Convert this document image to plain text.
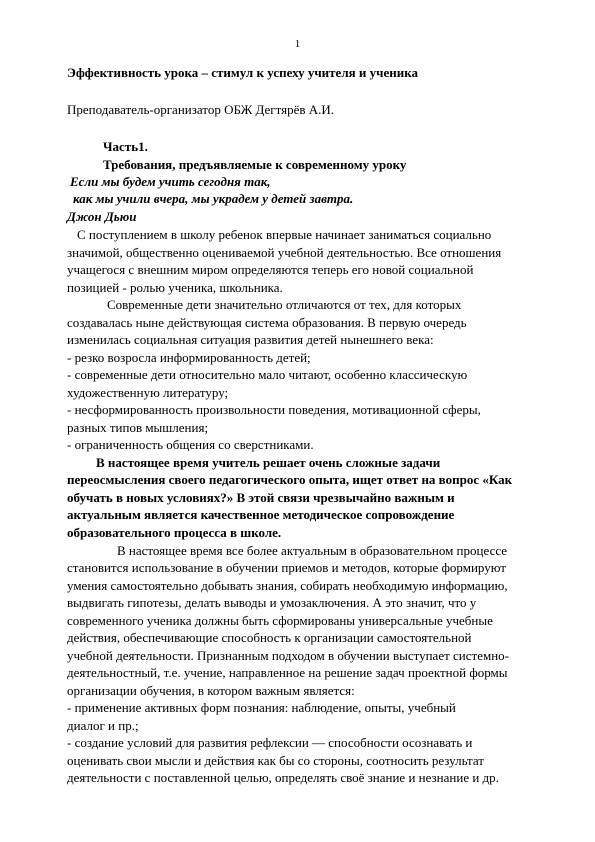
1
Эффективность урока – стимул к успеху учителя и ученика
Преподаватель-организатор ОБЖ Дегтярёв А.И.
Часть1.
Требования, предъявляемые к современному уроку
Если мы будем учить сегодня так,
как мы учили вчера, мы украдем у детей завтра.
Джон Дьюи
С поступлением в школу ребенок впервые начинает заниматься социально
значимой, общественно оцениваемой учебной деятельностью. Все отношения
учащегося с внешним миром определяются теперь его новой социальной
позицией - ролью ученика, школьника.
Современные дети значительно отличаются от тех, для которых
создавалась ныне действующая система образования. В первую очередь
изменилась социальная ситуация развития детей нынешнего века:
- резко возросла информированность детей;
- современные дети относительно мало читают, особенно классическую
художественную литературу;
- несформированность произвольности поведения, мотивационной сферы,
разных типов мышления;
- ограниченность общения со сверстниками.
В настоящее время учитель решает очень сложные задачи
переосмысления своего педагогического опыта, ищет ответ на вопрос «Как
обучать в новых условиях?» В этой связи чрезвычайно важным и
актуальным является качественное методическое сопровождение
образовательного процесса в школе.
В настоящее время все более актуальным в образовательном процессе
становится использование в обучении приемов и методов, которые формируют
умения самостоятельно добывать знания, собирать необходимую информацию,
выдвигать гипотезы, делать выводы и умозаключения. А это значит, что у
современного ученика должны быть сформированы универсальные учебные
действия, обеспечивающие способность к организации самостоятельной
учебной деятельности. Признанным подходом в обучении выступает системно-
деятельностный, т.е. учение, направленное на решение задач проектной формы
организации обучения, в котором важным является:
- применение активных форм познания: наблюдение, опыты, учебный
диалог и пр.;
- создание условий для развития рефлексии — способности осознавать и
оценивать свои мысли и действия как бы со стороны, соотносить результат
деятельности с поставленной целью, определять своё знание и незнание и др.
